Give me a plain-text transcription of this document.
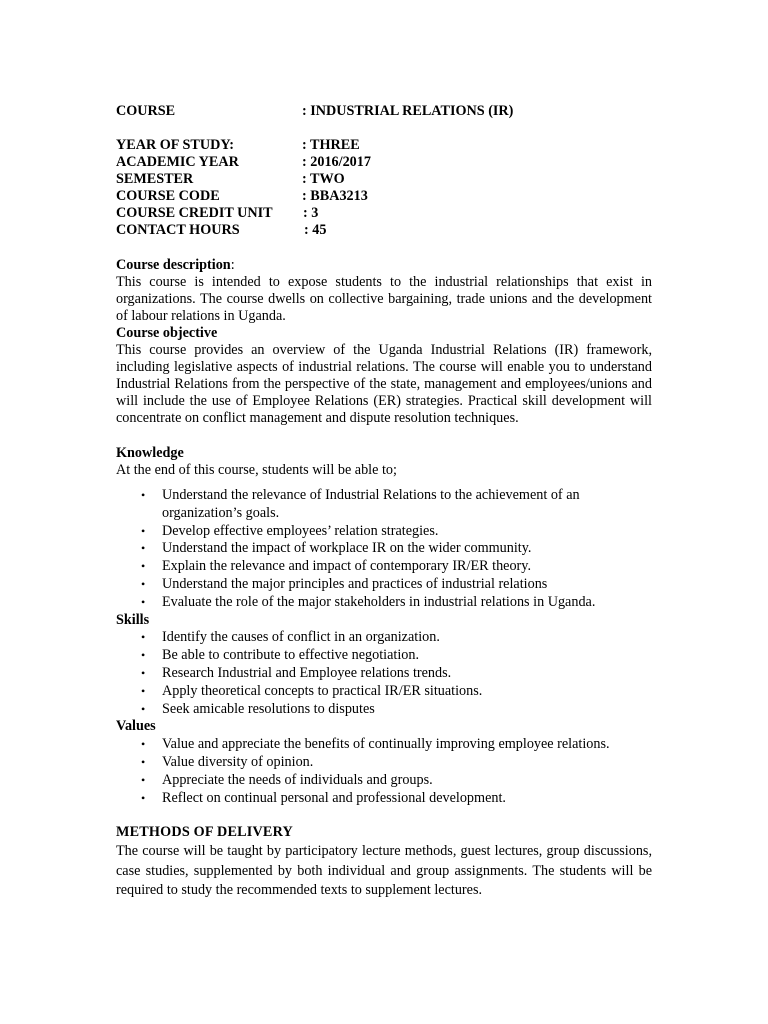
COURSE	: INDUSTRIAL RELATIONS (IR)
YEAR OF STUDY:	: THREE
ACADEMIC YEAR	: 2016/2017
SEMESTER	: TWO
COURSE CODE	: BBA3213
COURSE CREDIT UNIT	: 3
CONTACT HOURS	: 45
Course description:

This course is intended to expose students to the industrial relationships that exist in organizations. The course dwells on collective bargaining, trade unions and the development of labour relations in Uganda.

Course objective

This course provides an overview of the Uganda Industrial Relations (IR) framework, including legislative aspects of industrial relations. The course will enable you to understand Industrial Relations from the perspective of the state, management and employees/unions and will include the use of Employee Relations (ER) strategies. Practical skill development will concentrate on conflict management and dispute resolution techniques.

Knowledge

At the end of this course, students will be able to;

• Understand the relevance of Industrial Relations to the achievement of an organization’s goals.
• Develop effective employees’ relation strategies.
• Understand the impact of workplace IR on the wider community.
• Explain the relevance and impact of contemporary IR/ER theory.
• Understand the major principles and practices of industrial relations
• Evaluate the role of the major stakeholders in industrial relations in Uganda.
Skills
• Identify the causes of conflict in an organization.
• Be able to contribute to effective negotiation.
• Research Industrial and Employee relations trends.
• Apply theoretical concepts to practical IR/ER situations.
• Seek amicable resolutions to disputes
Values
• Value and appreciate the benefits of continually improving employee relations.
• Value diversity of opinion.
• Appreciate the needs of individuals and groups.
• Reflect on continual personal and professional development.
METHODS OF DELIVERY

The course will be taught by participatory lecture methods, guest lectures, group discussions, case studies, supplemented by both individual and group assignments. The students will be required to study the recommended texts to supplement lectures.
